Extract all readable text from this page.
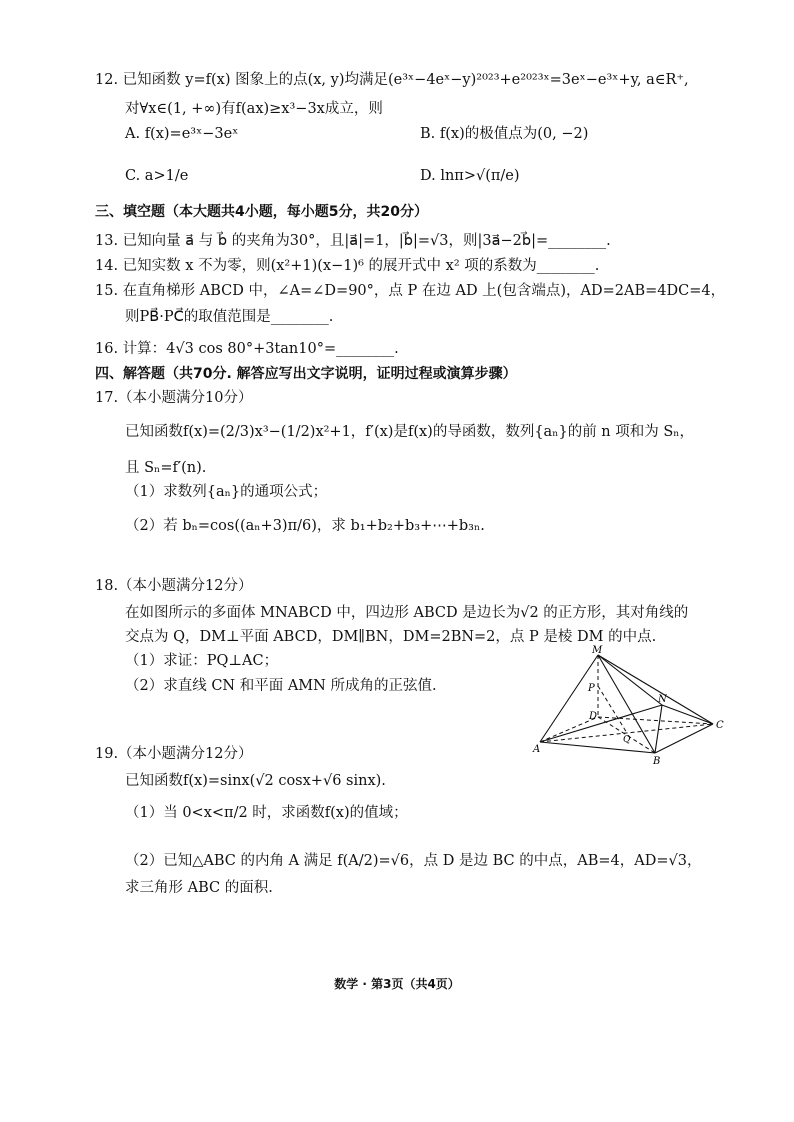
12. 已知函数 y=f(x) 图象上的点(x, y)均满足(e³ˣ−4eˣ−y)²⁰²³+e²⁰²³ˣ=3eˣ−e³ˣ+y, a∈R⁺,
对∀x∈(1, +∞)有f(ax)≥x³−3x成立，则
A. f(x)=e³ˣ−3eˣ	B. f(x)的极值点为(0, −2)
C. a>1/e	D. lnπ>√(π/e)
三、填空题（本大题共4小题，每小题5分，共20分）
13. 已知向量 a⃗ 与 b⃗ 的夹角为30°，且|a⃗|=1，|b⃗|=√3，则|3a⃗−2b⃗|=________.
14. 已知实数 x 不为零，则(x²+1)(x−1)⁶ 的展开式中 x² 项的系数为________.
15. 在直角梯形 ABCD 中，∠A=∠D=90°，点 P 在边 AD 上(包含端点)，AD=2AB=4DC=4，
则PB⃗·PC⃗的取值范围是________.
16. 计算：4√3 cos 80°+3tan10°=________.
四、解答题（共70分. 解答应写出文字说明，证明过程或演算步骤）
17.（本小题满分10分）
已知函数f(x)=(2/3)x³−(1/2)x²+1，f′(x)是f(x)的导函数，数列{aₙ}的前 n 项和为 Sₙ，
且 Sₙ=f′(n).
（1）求数列{aₙ}的通项公式；
（2）若 bₙ=cos((aₙ+3)π/6)，求 b₁+b₂+b₃+⋯+b₃ₙ.
18.（本小题满分12分）
在如图所示的多面体 MNABCD 中，四边形 ABCD 是边长为√2 的正方形，其对角线的
交点为 Q，DM⊥平面 ABCD，DM∥BN，DM=2BN=2，点 P 是棱 DM 的中点.
（1）求证：PQ⊥AC；
（2）求直线 CN 和平面 AMN 所成角的正弦值.
M
P
N
D
A
B
C
Q
19.（本小题满分12分）
已知函数f(x)=sinx(√2 cosx+√6 sinx).
（1）当 0<x<π/2 时，求函数f(x)的值域；
（2）已知△ABC 的内角 A 满足 f(A/2)=√6，点 D 是边 BC 的中点，AB=4，AD=√3，
求三角形 ABC 的面积.
数学 · 第3页（共4页）
